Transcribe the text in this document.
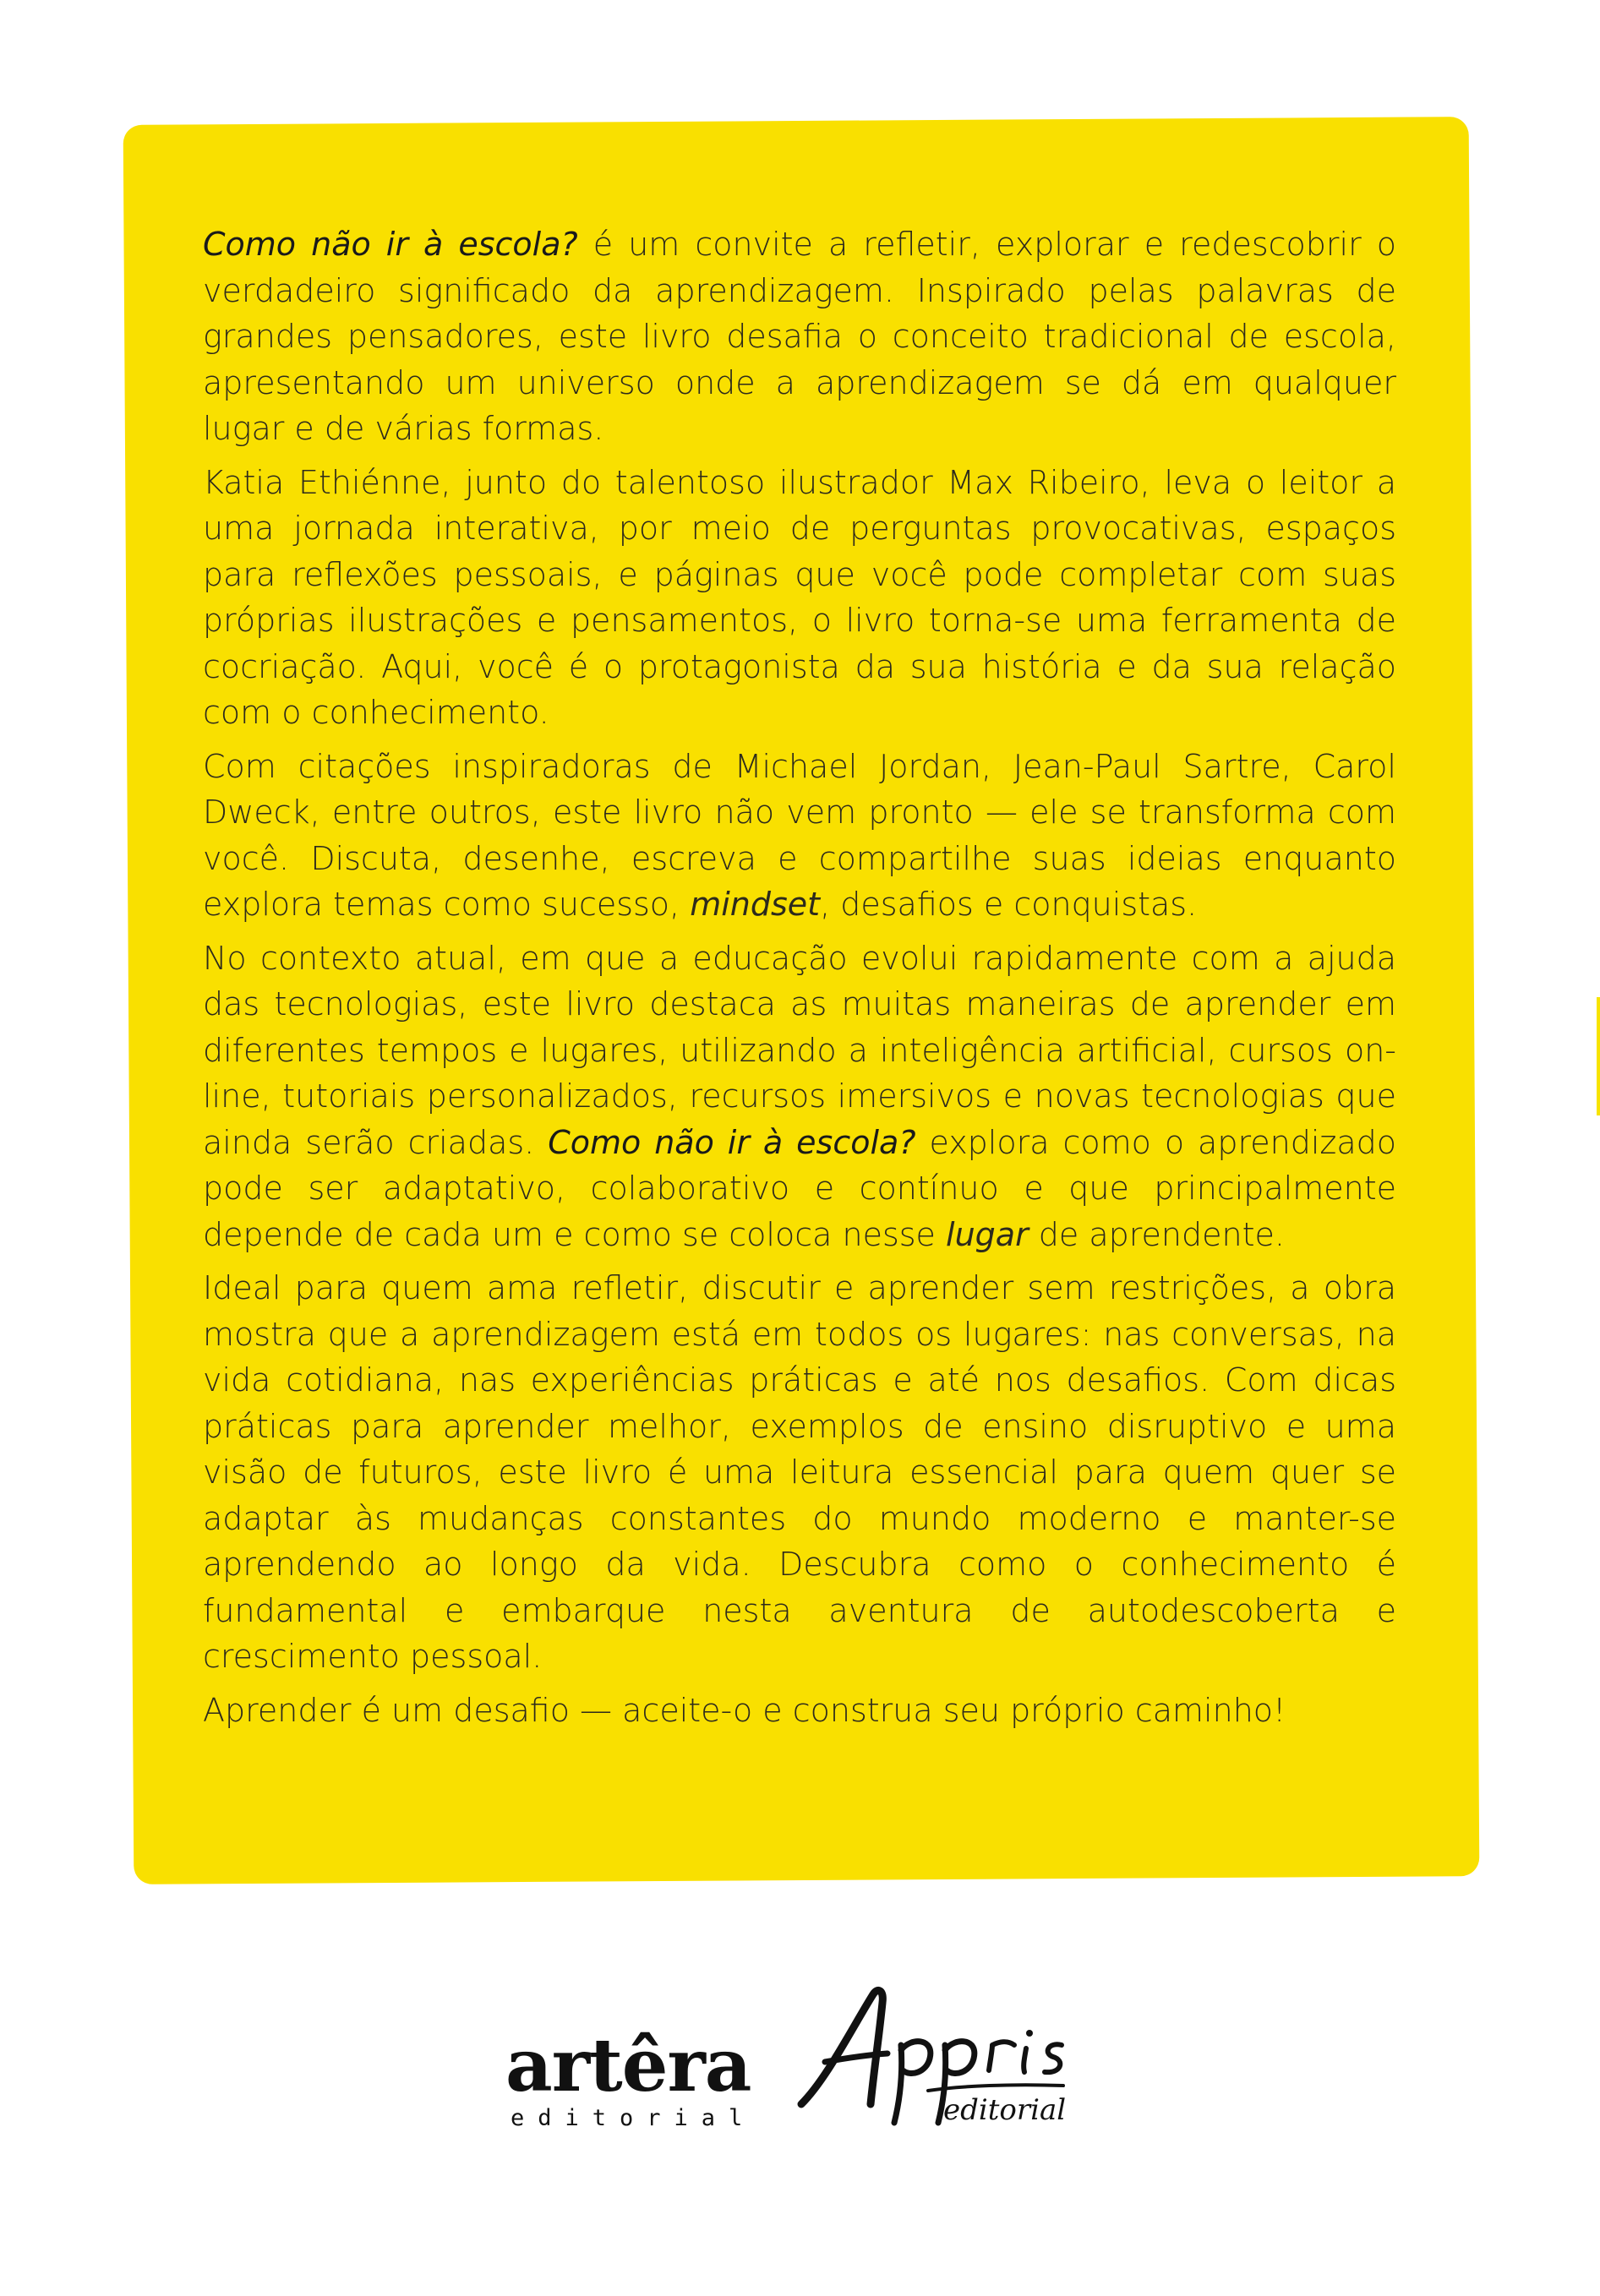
Como não ir à escola? é um convite a refletir, explorar e redescobrir o verdadeiro significado da aprendizagem. Inspirado pelas palavras de grandes pensadores, este livro desafia o conceito tradicional de escola, apresentando um universo onde a aprendizagem se dá em qualquer lugar e de várias formas.

Katia Ethiénne, junto do talentoso ilustrador Max Ribeiro, leva o leitor a uma jornada interativa, por meio de perguntas provocativas, espaços para reflexões pessoais, e páginas que você pode completar com suas próprias ilustrações e pensamentos, o livro torna-se uma ferramenta de cocriação. Aqui, você é o protagonista da sua história e da sua relação com o conhecimento.

Com citações inspiradoras de Michael Jordan, Jean-Paul Sartre, Carol Dweck, entre outros, este livro não vem pronto — ele se transforma com você. Discuta, desenhe, escreva e compartilhe suas ideias enquanto explora temas como sucesso, mindset, desafios e conquistas.

No contexto atual, em que a educação evolui rapidamente com a ajuda das tecnologias, este livro destaca as muitas maneiras de aprender em diferentes tempos e lugares, utilizando a inteligência artificial, cursos on-line, tutoriais personalizados, recursos imersivos e novas tecnologias que ainda serão criadas. Como não ir à escola? explora como o aprendizado pode ser adaptativo, colaborativo e contínuo e que principalmente depende de cada um e como se coloca nesse lugar de aprendente.

Ideal para quem ama refletir, discutir e aprender sem restrições, a obra mostra que a aprendizagem está em todos os lugares: nas conversas, na vida cotidiana, nas experiências práticas e até nos desafios. Com dicas práticas para aprender melhor, exemplos de ensino disruptivo e uma visão de futuros, este livro é uma leitura essencial para quem quer se adaptar às mudanças constantes do mundo moderno e manter-se aprendendo ao longo da vida. Descubra como o conhecimento é fundamental e embarque nesta aventura de autodescoberta e crescimento pessoal.

Aprender é um desafio — aceite-o e construa seu próprio caminho!

artêra
editorial	editorial
